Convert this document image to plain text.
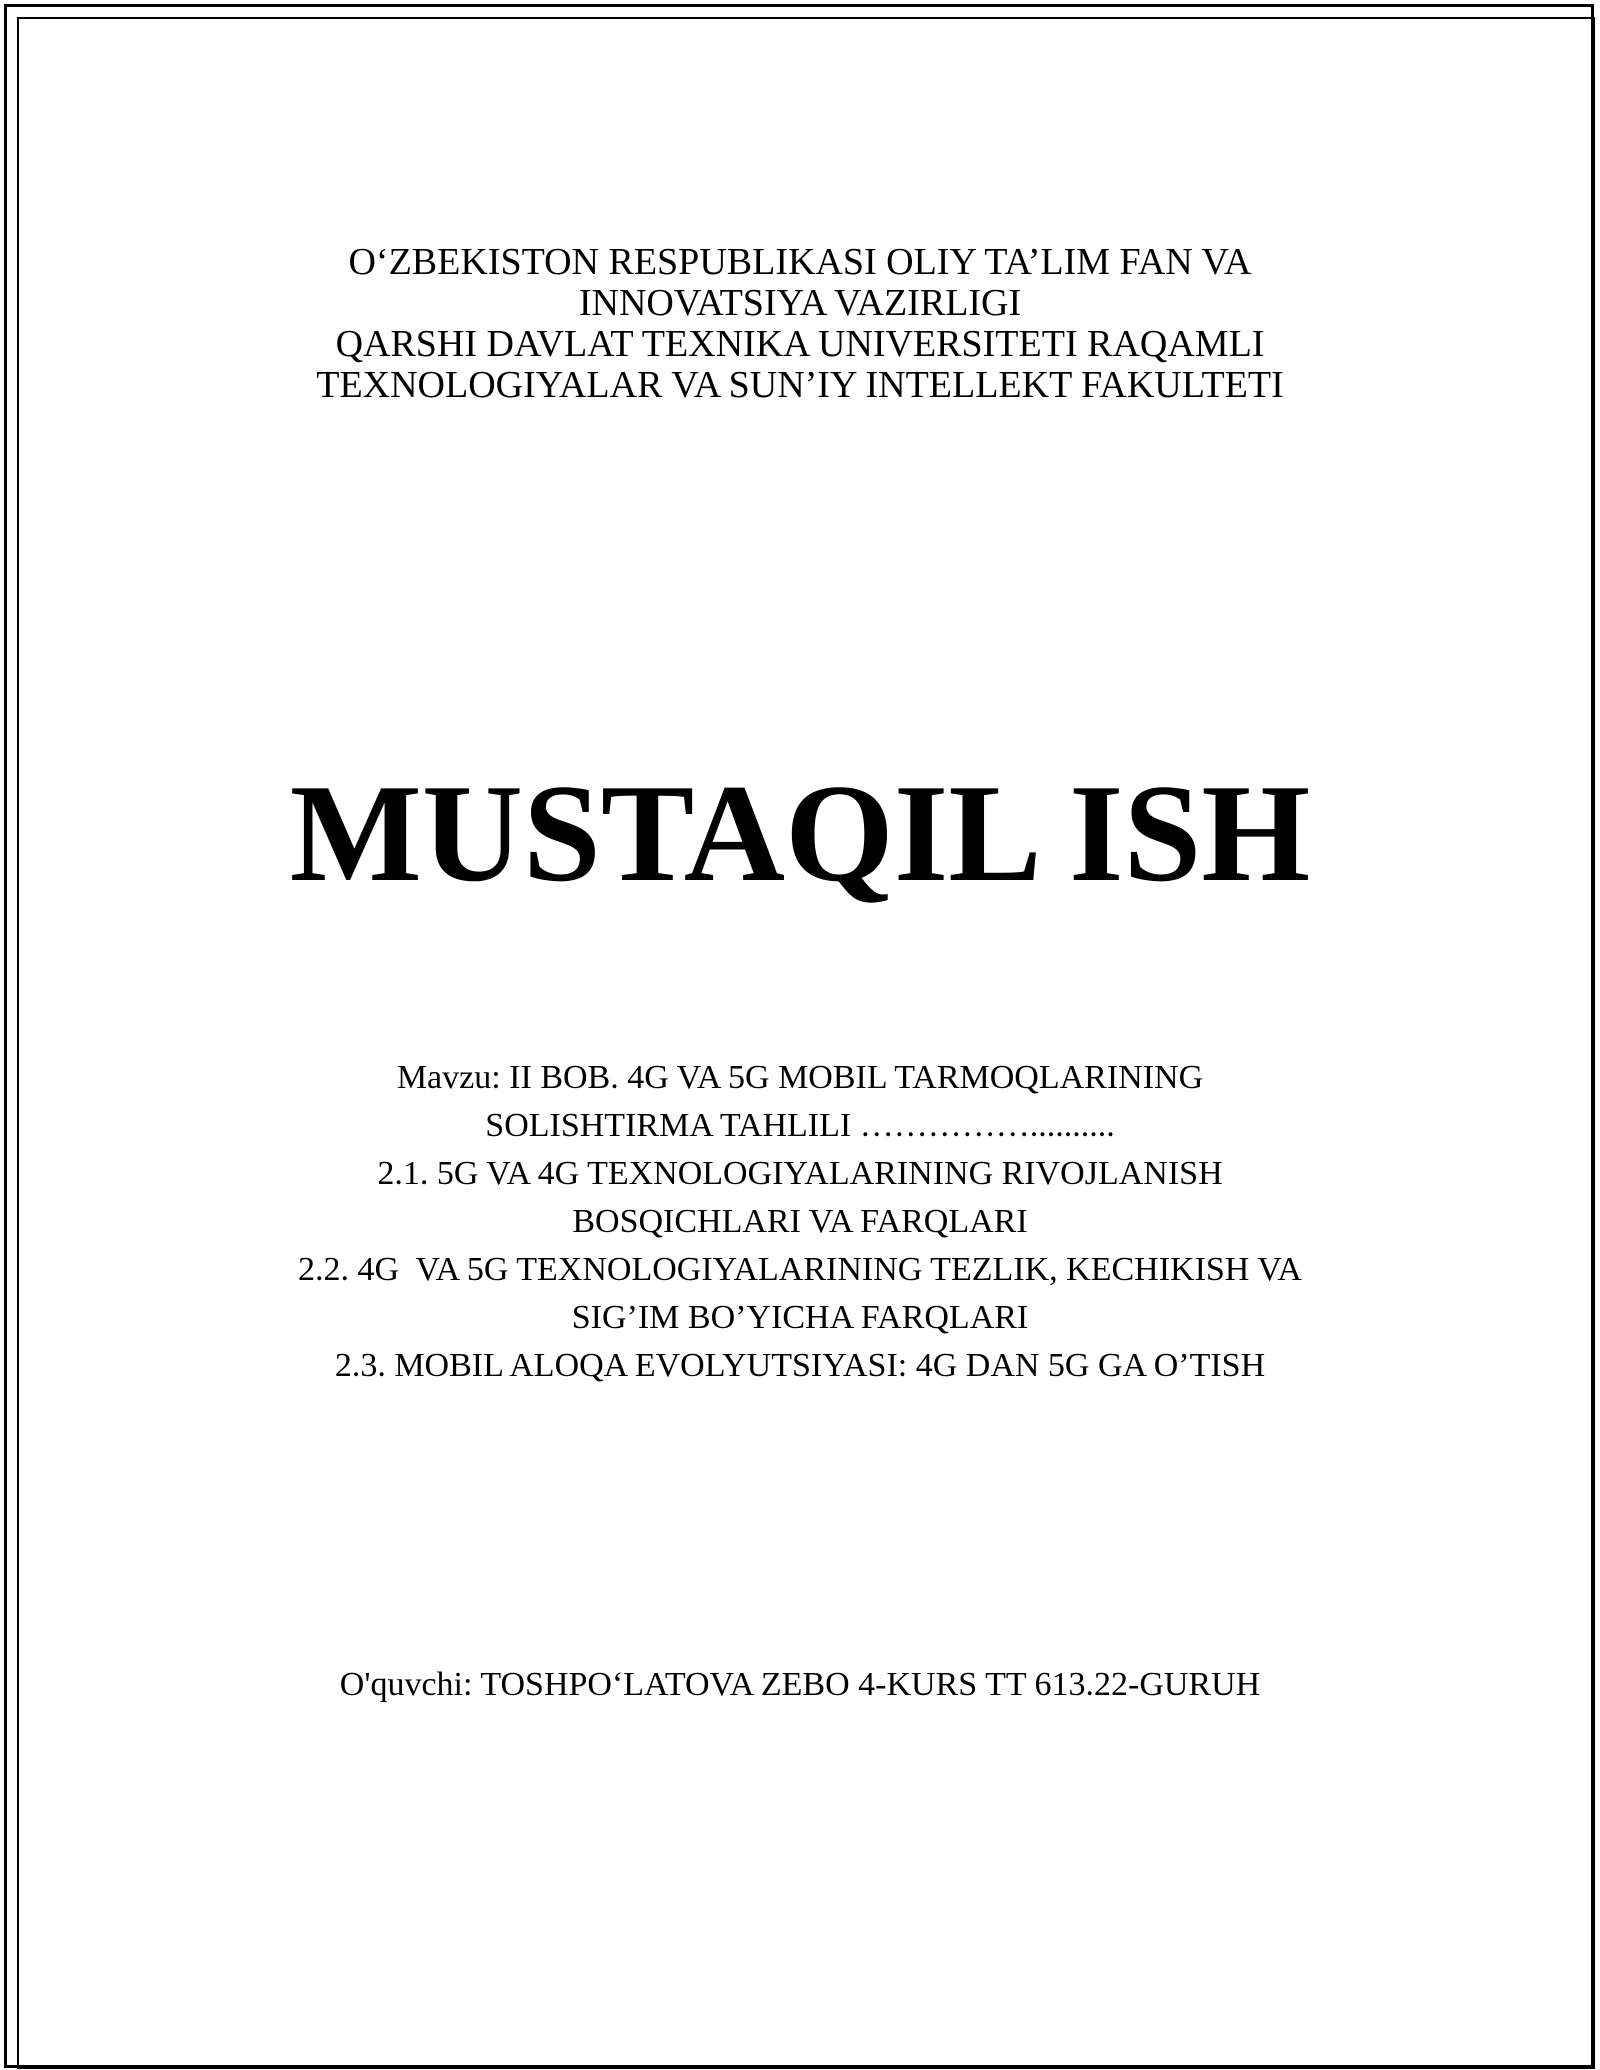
O‘ZBEKISTON RESPUBLIKASI OLIY TA’LIM FAN VA
INNOVATSIYA VAZIRLIGI
QARSHI DAVLAT TEXNIKA UNIVERSITETI RAQAMLI
TEXNOLOGIYALAR VA SUN’IY INTELLEKT FAKULTETI
MUSTAQIL ISH
Mavzu: II BOB. 4G VA 5G MOBIL TARMOQLARINING
SOLISHTIRMA TAHLILI ……………..........
2.1. 5G VA 4G TEXNOLOGIYALARINING RIVOJLANISH
BOSQICHLARI VA FARQLARI
2.2. 4G  VA 5G TEXNOLOGIYALARINING TEZLIK, KECHIKISH VA
SIG’IM BO’YICHA FARQLARI
2.3. MOBIL ALOQA EVOLYUTSIYASI: 4G DAN 5G GA O’TISH
O'quvchi: TOSHPO‘LATOVA ZEBO 4-KURS TT 613.22-GURUH
